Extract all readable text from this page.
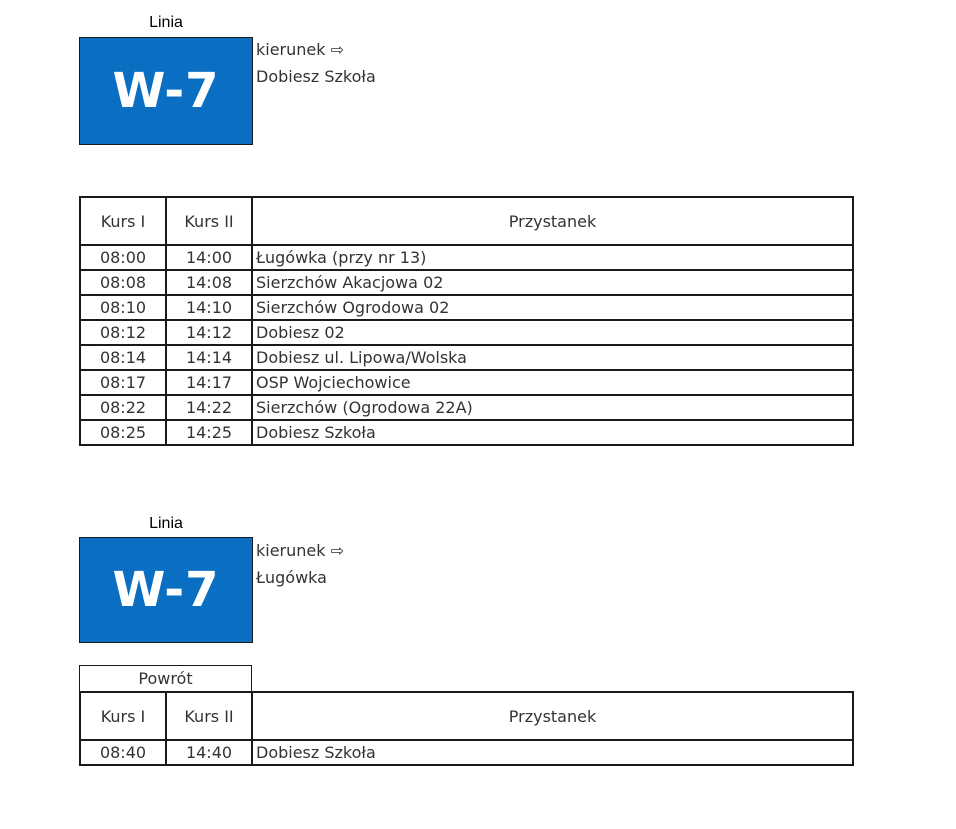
Linia
W-7
kierunek ⇨
Dobiesz Szkoła
Kurs I	Kurs II	Przystanek
08:00	14:00	Ługówka (przy nr 13)
08:08	14:08	Sierzchów Akacjowa 02
08:10	14:10	Sierzchów Ogrodowa 02
08:12	14:12	Dobiesz 02
08:14	14:14	Dobiesz ul. Lipowa/Wolska
08:17	14:17	OSP Wojciechowice
08:22	14:22	Sierzchów (Ogrodowa 22A)
08:25	14:25	Dobiesz Szkoła
Linia
W-7
kierunek ⇨
Ługówka
Powrót
Kurs I	Kurs II	Przystanek
08:40	14:40	Dobiesz Szkoła
